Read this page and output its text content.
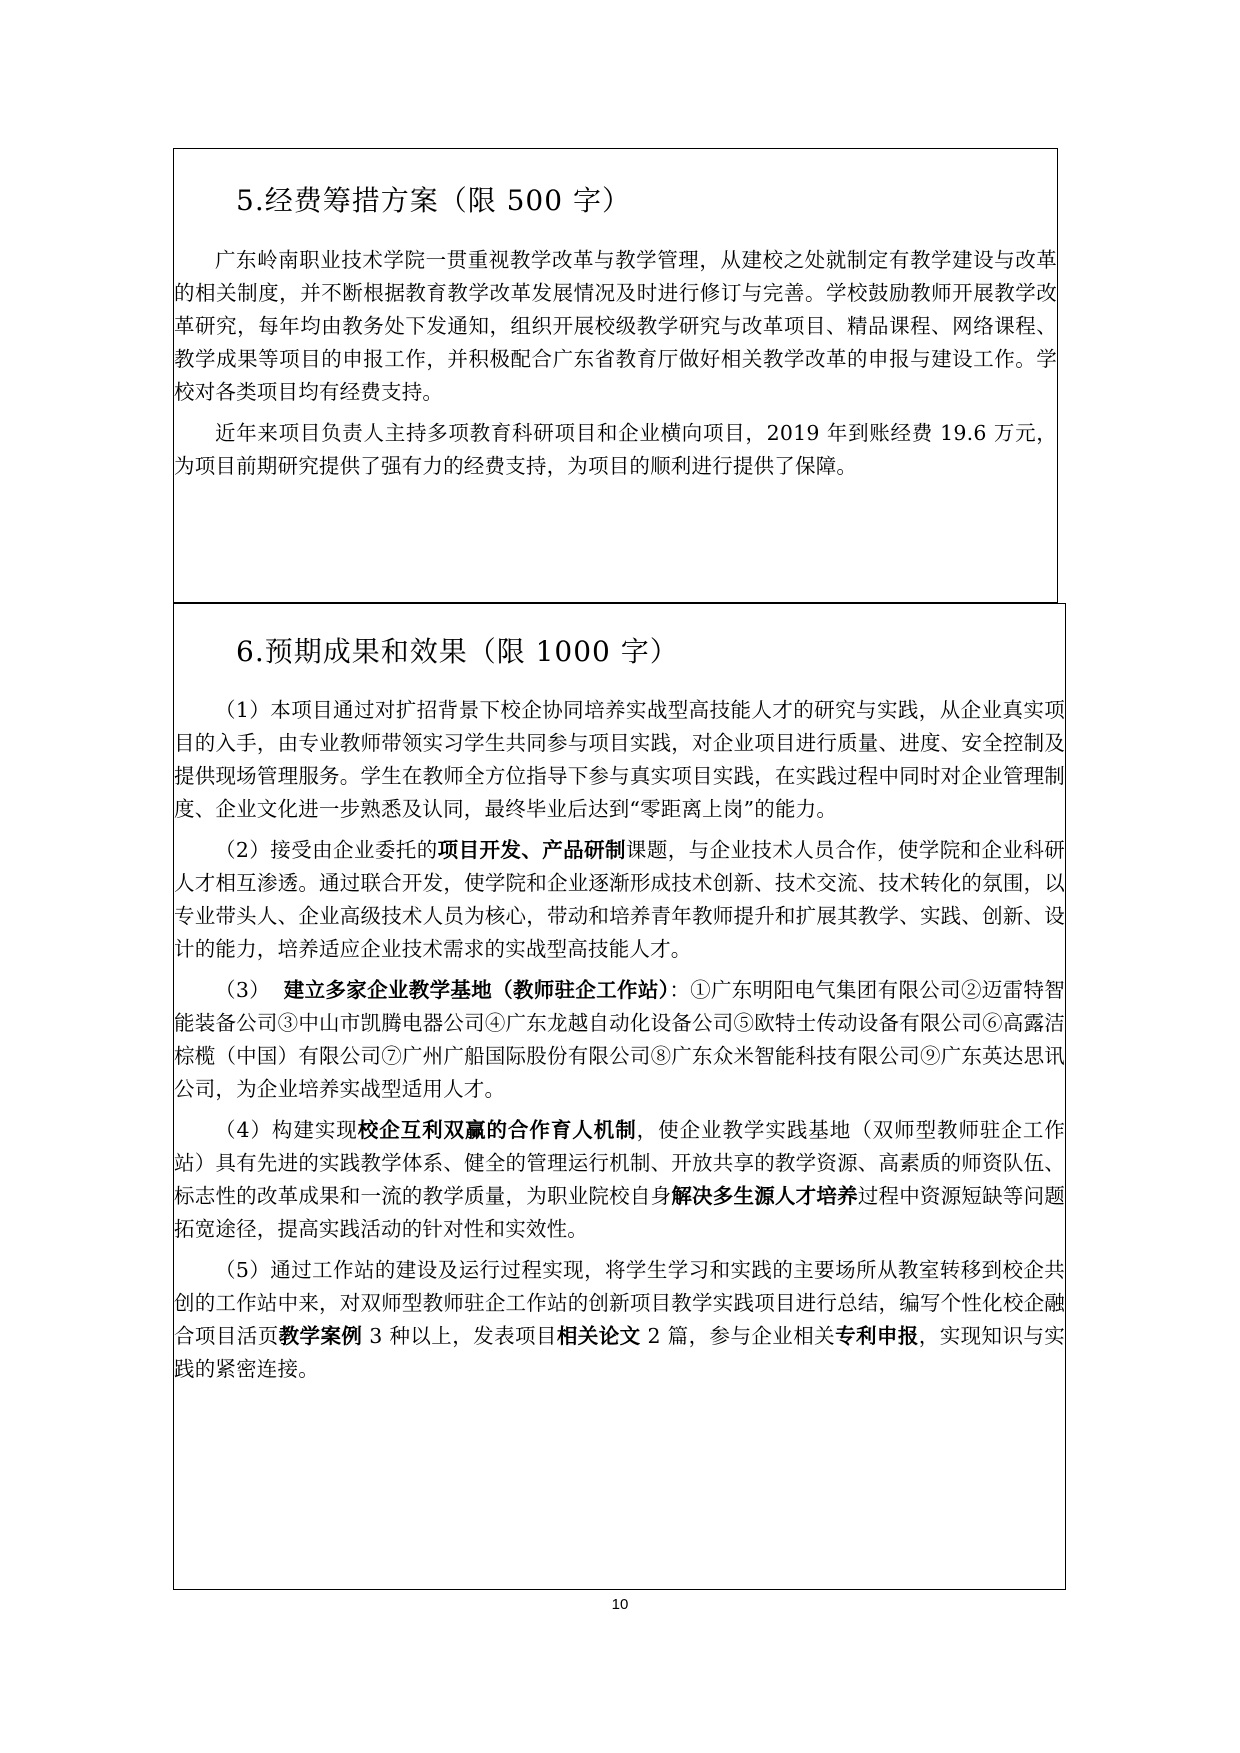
5.经费筹措方案（限 500 字）

广东岭南职业技术学院一贯重视教学改革与教学管理，从建校之处就制定有教学建设与改革的相关制度，并不断根据教育教学改革发展情况及时进行修订与完善。学校鼓励教师开展教学改革研究，每年均由教务处下发通知，组织开展校级教学研究与改革项目、精品课程、网络课程、教学成果等项目的申报工作，并积极配合广东省教育厅做好相关教学改革的申报与建设工作。学校对各类项目均有经费支持。

近年来项目负责人主持多项教育科研项目和企业横向项目，2019 年到账经费 19.6 万元，为项目前期研究提供了强有力的经费支持，为项目的顺利进行提供了保障。

6.预期成果和效果（限 1000 字）

（1）本项目通过对扩招背景下校企协同培养实战型高技能人才的研究与实践，从企业真实项目的入手，由专业教师带领实习学生共同参与项目实践，对企业项目进行质量、进度、安全控制及提供现场管理服务。学生在教师全方位指导下参与真实项目实践，在实践过程中同时对企业管理制度、企业文化进一步熟悉及认同，最终毕业后达到“零距离上岗”的能力。

（2）接受由企业委托的项目开发、产品研制课题，与企业技术人员合作，使学院和企业科研人才相互渗透。通过联合开发，使学院和企业逐渐形成技术创新、技术交流、技术转化的氛围，以专业带头人、企业高级技术人员为核心，带动和培养青年教师提升和扩展其教学、实践、创新、设计的能力，培养适应企业技术需求的实战型高技能人才。

（3）  建立多家企业教学基地（教师驻企工作站）：①广东明阳电气集团有限公司②迈雷特智能装备公司③中山市凯腾电器公司④广东龙越自动化设备公司⑤欧特士传动设备有限公司⑥高露洁棕榄（中国）有限公司⑦广州广船国际股份有限公司⑧广东众米智能科技有限公司⑨广东英达思讯公司，为企业培养实战型适用人才。

（4）构建实现校企互利双赢的合作育人机制，使企业教学实践基地（双师型教师驻企工作站）具有先进的实践教学体系、健全的管理运行机制、开放共享的教学资源、高素质的师资队伍、标志性的改革成果和一流的教学质量，为职业院校自身解决多生源人才培养过程中资源短缺等问题拓宽途径，提高实践活动的针对性和实效性。

（5）通过工作站的建设及运行过程实现，将学生学习和实践的主要场所从教室转移到校企共创的工作站中来，对双师型教师驻企工作站的创新项目教学实践项目进行总结，编写个性化校企融合项目活页教学案例 3 种以上，发表项目相关论文 2 篇，参与企业相关专利申报，实现知识与实践的紧密连接。

10
